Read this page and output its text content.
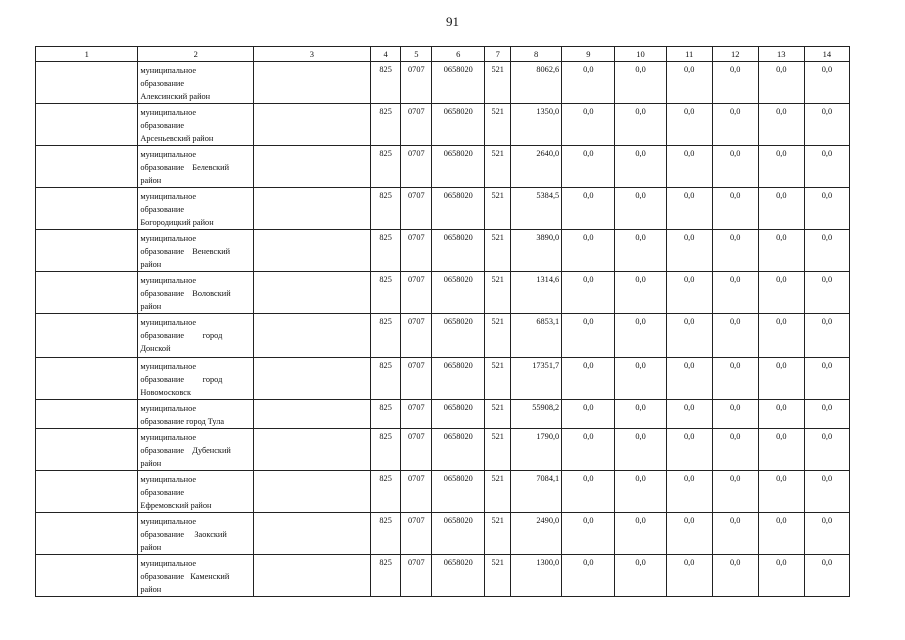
91
1	2	3	4	5	6	7	8	9	10	11	12	13	14

	муниципальное
образование
Алексинский район		825	0707	0658020	521	8062,6	0,0	0,0	0,0	0,0	0,0	0,0

	муниципальное
образование
Арсеньевский район		825	0707	0658020	521	1350,0	0,0	0,0	0,0	0,0	0,0	0,0

	муниципальное
образование    Белевский
район		825	0707	0658020	521	2640,0	0,0	0,0	0,0	0,0	0,0	0,0

	муниципальное
образование
Богородицкий район		825	0707	0658020	521	5384,5	0,0	0,0	0,0	0,0	0,0	0,0

	муниципальное
образование    Веневский
район		825	0707	0658020	521	3890,0	0,0	0,0	0,0	0,0	0,0	0,0

	муниципальное
образование    Воловский
район		825	0707	0658020	521	1314,6	0,0	0,0	0,0	0,0	0,0	0,0

	муниципальное
образование         город
Донской		825	0707	0658020	521	6853,1	0,0	0,0	0,0	0,0	0,0	0,0

	муниципальное
образование         город
Новомосковск		825	0707	0658020	521	17351,7	0,0	0,0	0,0	0,0	0,0	0,0

	муниципальное
образование город Тула		825	0707	0658020	521	55908,2	0,0	0,0	0,0	0,0	0,0	0,0

	муниципальное
образование    Дубенский
район		825	0707	0658020	521	1790,0	0,0	0,0	0,0	0,0	0,0	0,0

	муниципальное
образование
Ефремовский район		825	0707	0658020	521	7084,1	0,0	0,0	0,0	0,0	0,0	0,0

	муниципальное
образование     Заокский
район		825	0707	0658020	521	2490,0	0,0	0,0	0,0	0,0	0,0	0,0

	муниципальное
образование   Каменский
район		825	0707	0658020	521	1300,0	0,0	0,0	0,0	0,0	0,0	0,0
